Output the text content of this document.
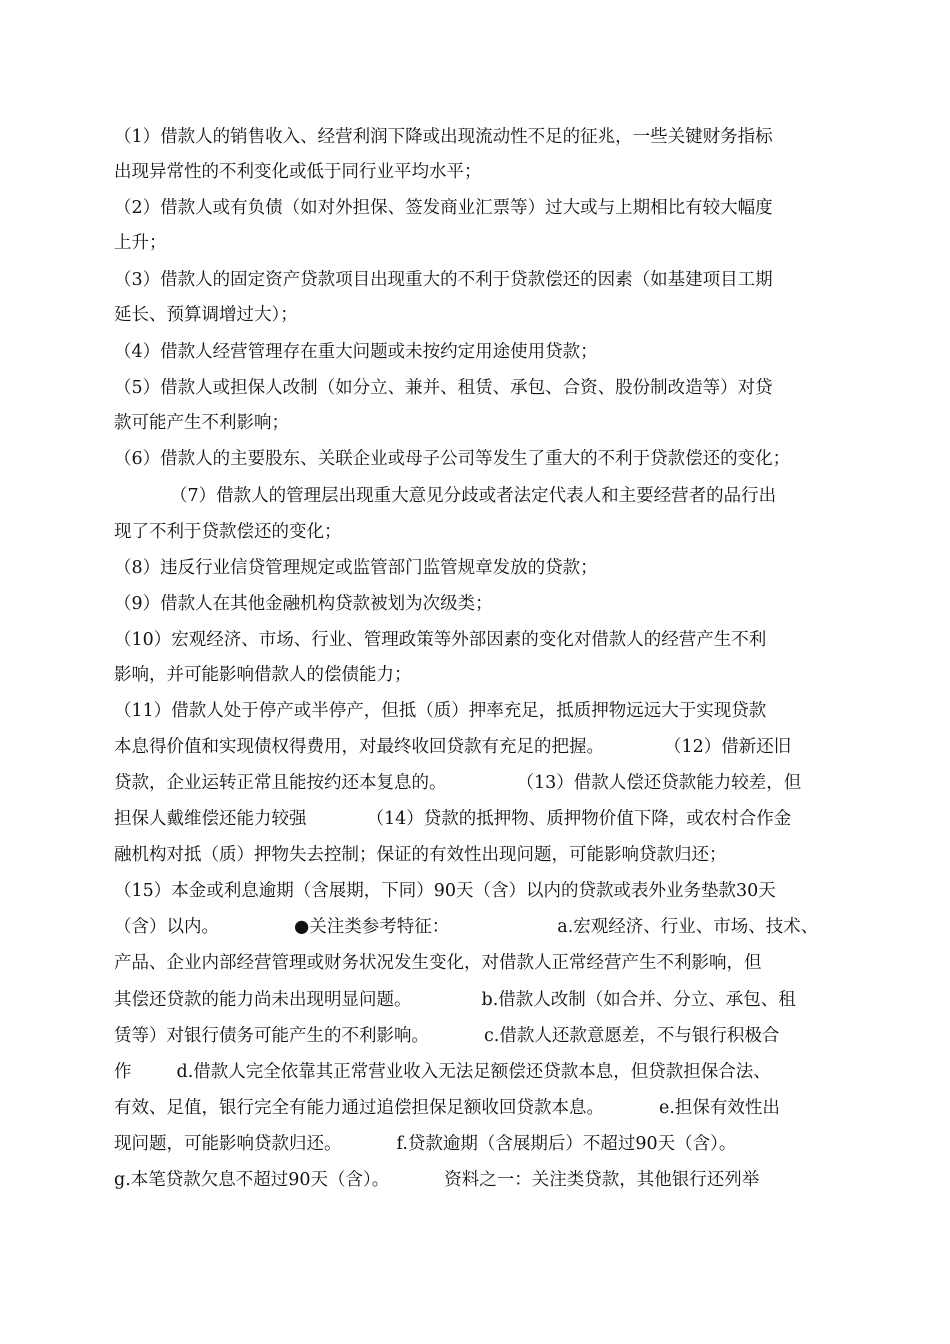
（1）借款人的销售收入、经营利润下降或出现流动性不足的征兆，一些关键财务指标
出现异常性的不利变化或低于同行业平均水平；
（2）借款人或有负债（如对外担保、签发商业汇票等）过大或与上期相比有较大幅度
上升；
（3）借款人的固定资产贷款项目出现重大的不利于贷款偿还的因素（如基建项目工期
延长、预算调增过大）；
（4）借款人经营管理存在重大问题或未按约定用途使用贷款；
（5）借款人或担保人改制（如分立、兼并、租赁、承包、合资、股份制改造等）对贷
款可能产生不利影响；
（6）借款人的主要股东、关联企业或母子公司等发生了重大的不利于贷款偿还的变化；
（7）借款人的管理层出现重大意见分歧或者法定代表人和主要经营者的品行出
现了不利于贷款偿还的变化；
（8）违反行业信贷管理规定或监管部门监管规章发放的贷款；
（9）借款人在其他金融机构贷款被划为次级类；
（10）宏观经济、市场、行业、管理政策等外部因素的变化对借款人的经营产生不利
影响，并可能影响借款人的偿债能力；
（11）借款人处于停产或半停产，但抵（质）押率充足，抵质押物远远大于实现贷款
本息得价值和实现债权得费用，对最终收回贷款有充足的把握。	（12）借新还旧
贷款，企业运转正常且能按约还本复息的。	（13）借款人偿还贷款能力较差，但
担保人戴维偿还能力较强	（14）贷款的抵押物、质押物价值下降，或农村合作金
融机构对抵（质）押物失去控制；保证的有效性出现问题，可能影响贷款归还；
（15）本金或利息逾期（含展期，下同）90天（含）以内的贷款或表外业务垫款30天
（含）以内。	●关注类参考特征：	a.宏观经济、行业、市场、技术、
产品、企业内部经营管理或财务状况发生变化，对借款人正常经营产生不利影响，但
其偿还贷款的能力尚未出现明显问题。	b.借款人改制（如合并、分立、承包、租
赁等）对银行债务可能产生的不利影响。	c.借款人还款意愿差，不与银行积极合
作	d.借款人完全依靠其正常营业收入无法足额偿还贷款本息，但贷款担保合法、
有效、足值，银行完全有能力通过追偿担保足额收回贷款本息。	e.担保有效性出
现问题，可能影响贷款归还。	f.贷款逾期（含展期后）不超过90天（含）。
g.本笔贷款欠息不超过90天（含）。	资料之一：关注类贷款，其他银行还列举
